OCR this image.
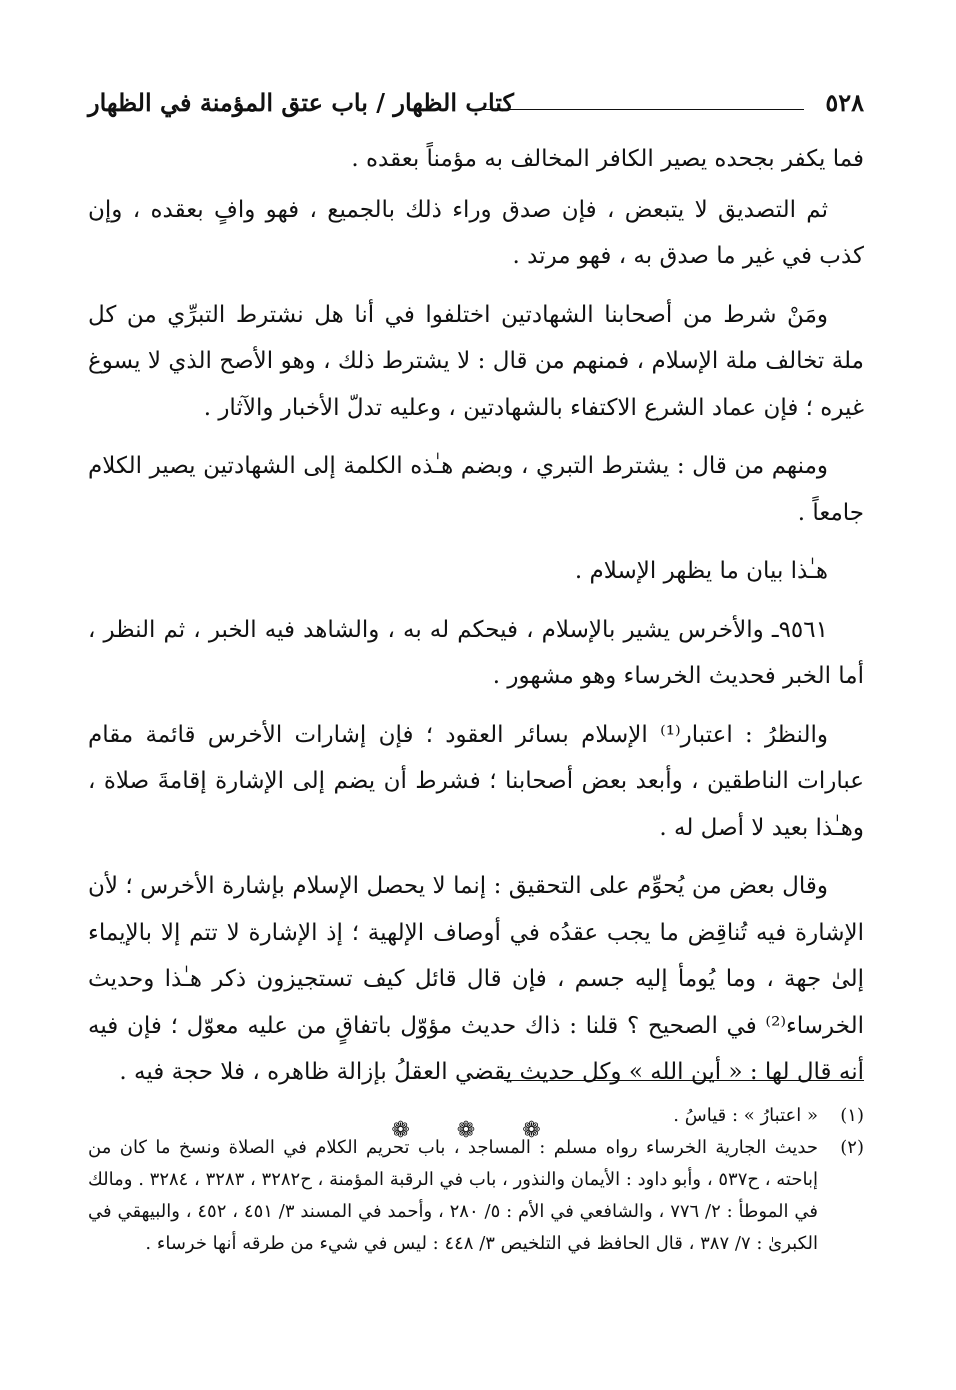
٥٢٨
كتاب الظهار / باب عتق المؤمنة في الظهار

فما يكفر بجحده يصير الكافر المخالف به مؤمناً بعقده .

ثم التصديق لا يتبعض ، فإن صدق وراء ذلك بالجميع ، فهو وافٍ بعقده ، وإن كذب في غير ما صدق به ، فهو مرتد .

ومَنْ شرط من أصحابنا الشهادتين اختلفوا في أنا هل نشترط التبرِّي من كل ملة تخالف ملة الإسلام ، فمنهم من قال : لا يشترط ذلك ، وهو الأصح الذي لا يسوغ غيره ؛ فإن عماد الشرع الاكتفاء بالشهادتين ، وعليه تدلّ الأخبار والآثار .

ومنهم من قال : يشترط التبري ، وبضم هـٰذه الكلمة إلى الشهادتين يصير الكلام جامعاً .

هـٰذا بيان ما يظهر الإسلام .

٩٥٦١ـ والأخرس يشير بالإسلام ، فيحكم له به ، والشاهد فيه الخبر ، ثم النظر ، أما الخبر فحديث الخرساء وهو مشهور .

والنظرُ : اعتبار⁽¹⁾ الإسلام بسائر العقود ؛ فإن إشارات الأخرس قائمة مقام عبارات الناطقين ، وأبعد بعض أصحابنا ؛ فشرط أن يضم إلى الإشارة إقامةَ صلاة ، وهـٰذا بعيد لا أصل له .

وقال بعض من يُحوِّم على التحقيق : إنما لا يحصل الإسلام بإشارة الأخرس ؛ لأن الإشارة فيه تُناقِض ما يجب عقدُه في أوصاف الإلهية ؛ إذ الإشارة لا تتم إلا بالإيماء إلىٰ جهة ، وما يُومأ إليه جسم ، فإن قال قائل كيف تستجيزون ذكر هـٰذا وحديث الخرساء⁽²⁾ في الصحيح ؟ قلنا : ذاك حديث مؤوّل باتفاقٍ من عليه معوّل ؛ فإن فيه أنه قال لها : « أين الله » وكل حديث يقضي العقلُ بإزالة ظاهره ، فلا حجة فيه .

❁ ❁ ❁
(١)
« اعتبارُ » : قياسُ .
(٢)
حديث الجارية الخرساء رواه مسلم : المساجد ، باب تحريم الكلام في الصلاة ونسخ ما كان من إباحته ، ح٥٣٧ ، وأبو داود : الأيمان والنذور ، باب في الرقبة المؤمنة ، ح٣٢٨٢ ، ٣٢٨٣ ، ٣٢٨٤ . ومالك في الموطأ : ٢/ ٧٧٦ ، والشافعي في الأم : ٥/ ٢٨٠ ، وأحمد في المسند ٣/ ٤٥١ ، ٤٥٢ ، والبيهقي في الكبرىٰ : ٧/ ٣٨٧ ، قال الحافظ في التلخيص ٣/ ٤٤٨ : ليس في شيء من طرقه أنها خرساء .
